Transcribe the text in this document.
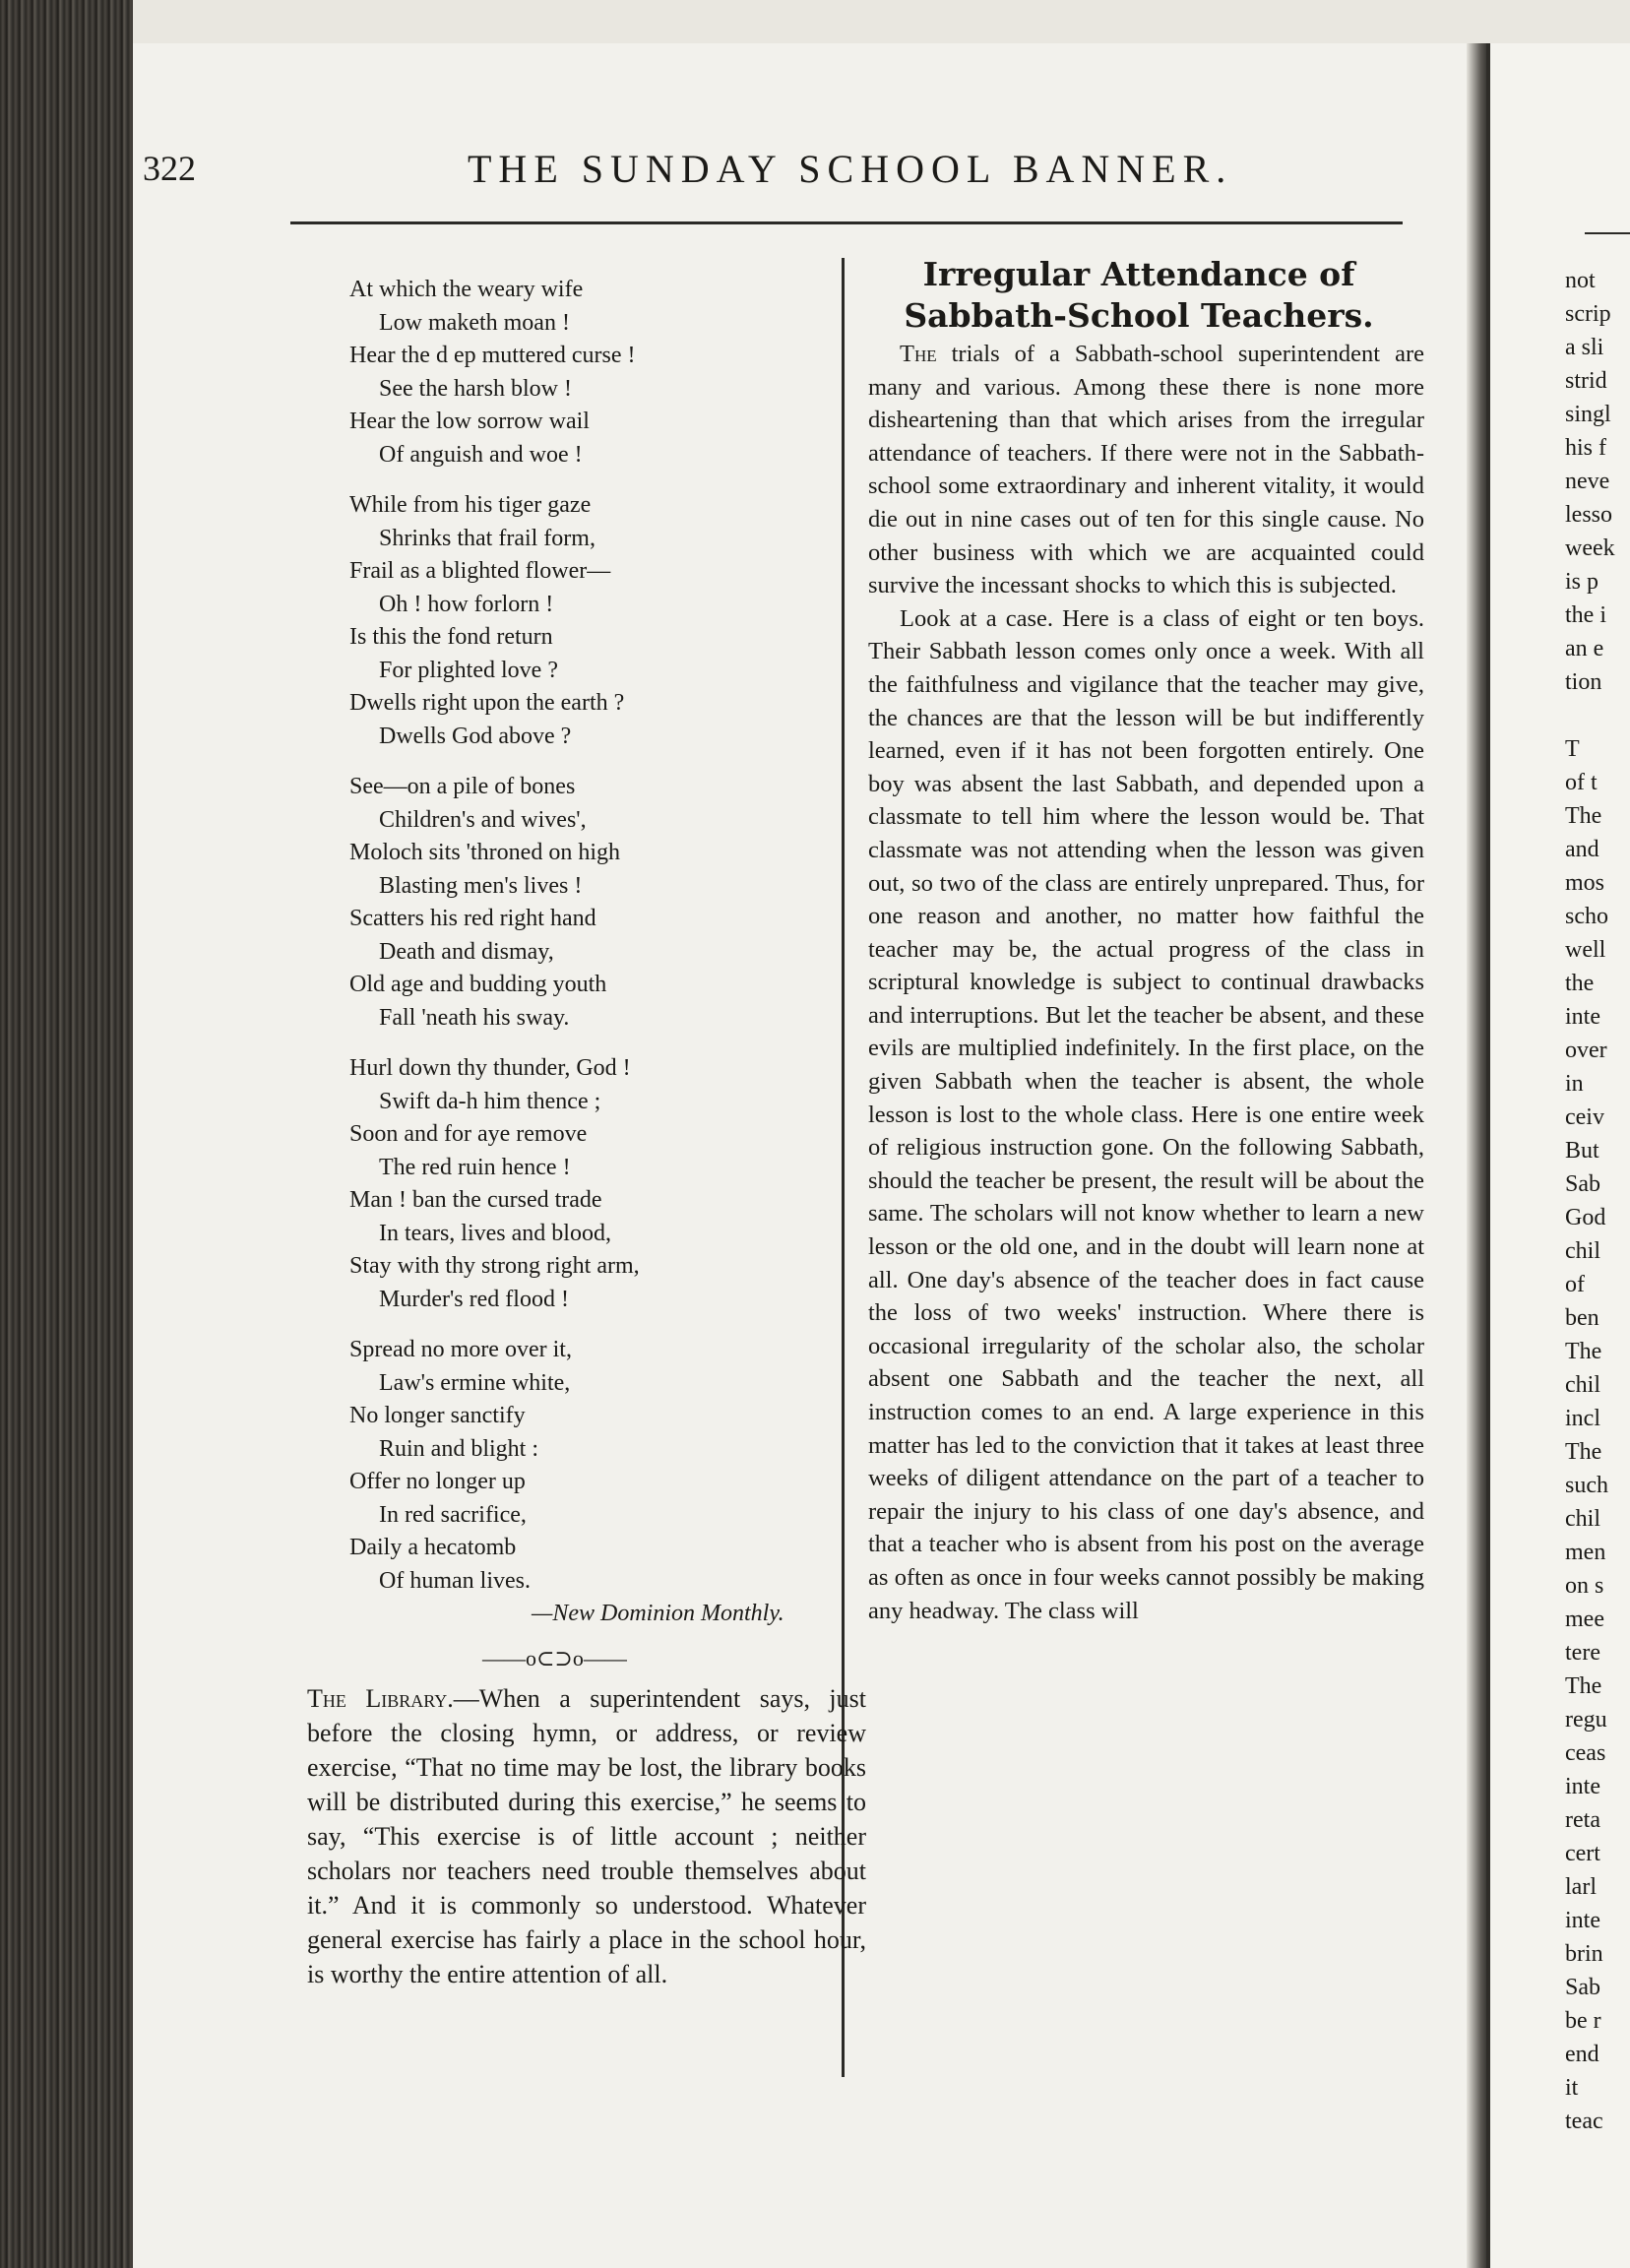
322	THE SUNDAY SCHOOL BANNER.
At which the weary wife
Low maketh moan !
Hear the d ep muttered curse !
See the harsh blow !
Hear the low sorrow wail
Of anguish and woe !
While from his tiger gaze
Shrinks that frail form,
Frail as a blighted flower—
Oh ! how forlorn !
Is this the fond return
For plighted love ?
Dwells right upon the earth ?
Dwells God above ?
See—on a pile of bones
Children's and wives',
Moloch sits 'throned on high
Blasting men's lives !
Scatters his red right hand
Death and dismay,
Old age and budding youth
Fall 'neath his sway.
Hurl down thy thunder, God !
Swift da-h him thence ;
Soon and for aye remove
The red ruin hence !
Man ! ban the cursed trade
In tears, lives and blood,
Stay with thy strong right arm,
Murder's red flood !
Spread no more over it,
Law's ermine white,
No longer sanctify
Ruin and blight :
Offer no longer up
In red sacrifice,
Daily a hecatomb
Of human lives.
—New Dominion Monthly.
——o⊂⊃o——
The Library.—When a superintendent says, just before the closing hymn, or address, or review exercise, “That no time may be lost, the library books will be distributed during this exercise,” he seems to say, “This exercise is of little account ; neither scholars nor teachers need trouble themselves about it.” And it is commonly so understood. Whatever general exercise has fairly a place in the school hour, is worthy the entire attention of all.
Irregular Attendance of Sabbath-School Teachers.

The trials of a Sabbath-school superintendent are many and various. Among these there is none more disheartening than that which arises from the irregular attendance of teachers. If there were not in the Sabbath-school some extraordinary and inherent vitality, it would die out in nine cases out of ten for this single cause. No other business with which we are acquainted could survive the incessant shocks to which this is subjected.

Look at a case. Here is a class of eight or ten boys. Their Sabbath lesson comes only once a week. With all the faithfulness and vigilance that the teacher may give, the chances are that the lesson will be but indifferently learned, even if it has not been forgotten entirely. One boy was absent the last Sabbath, and depended upon a classmate to tell him where the lesson would be. That classmate was not attending when the lesson was given out, so two of the class are entirely unprepared. Thus, for one reason and another, no matter how faithful the teacher may be, the actual progress of the class in scriptural knowledge is subject to continual drawbacks and interruptions. But let the teacher be absent, and these evils are multiplied indefinitely. In the first place, on the given Sabbath when the teacher is absent, the whole lesson is lost to the whole class. Here is one entire week of religious instruction gone. On the following Sabbath, should the teacher be present, the result will be about the same. The scholars will not know whether to learn a new lesson or the old one, and in the doubt will learn none at all. One day's absence of the teacher does in fact cause the loss of two weeks' instruction. Where there is occasional irregularity of the scholar also, the scholar absent one Sabbath and the teacher the next, all instruction comes to an end. A large experience in this matter has led to the conviction that it takes at least three weeks of diligent attendance on the part of a teacher to repair the injury to his class of one day's absence, and that a teacher who is absent from his post on the average as often as once in four weeks cannot possibly be making any headway. The class will

not
scrip
a sli
strid
singl
his f
neve
lesso
week
is p
the i
an e
tion

T
of t
The
and
mos
scho
well
the
inte
over
in
ceiv
But
Sab
God
chil
of
ben
The
chil
incl
The
such
chil
men
on s
mee
tere
The
regu
ceas
inte
reta
cert
larl
inte
brin
Sab
be r
end
it
teac
